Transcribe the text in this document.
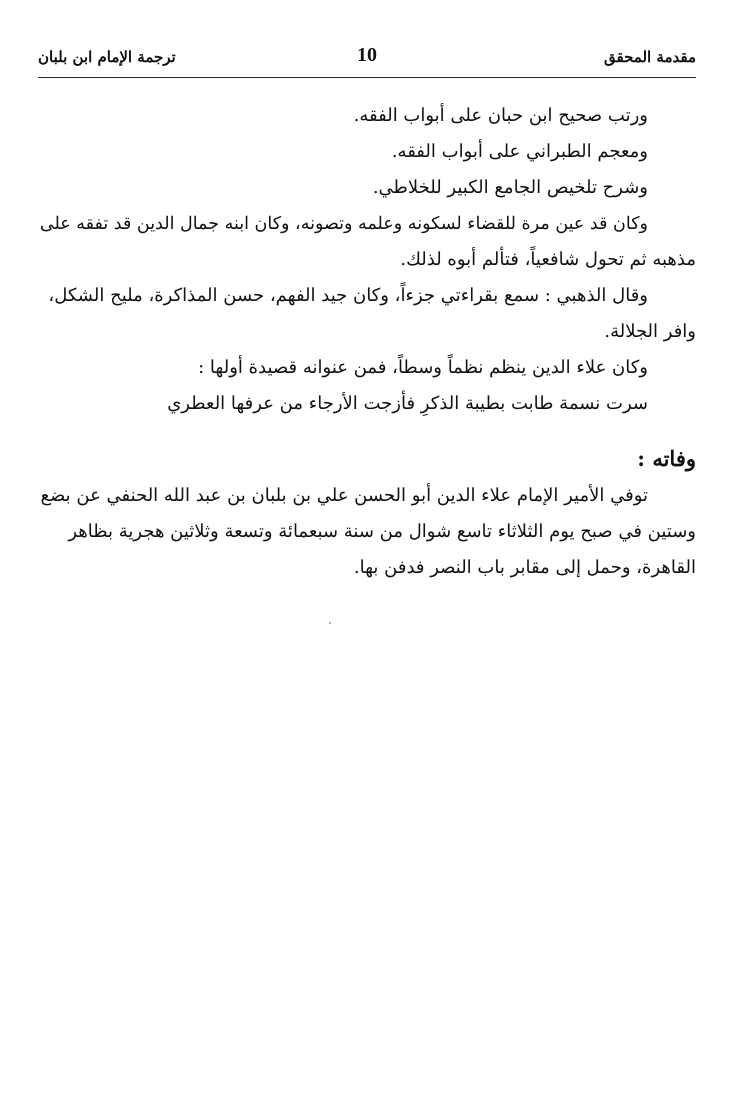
مقدمة المحقق
10
ترجمة الإمام ابن بلبان
ورتب صحيح ابن حبان على أبواب الفقه.
ومعجم الطبراني على أبواب الفقه.
وشرح تلخيص الجامع الكبير للخلاطي.
وكان قد عين مرة للقضاء لسكونه وعلمه وتصونه، وكان ابنه جمال الدين قد تفقه على
مذهبه ثم تحول شافعياً، فتألم أبوه لذلك.
وقال الذهبي : سمع بقراءتي جزءاً، وكان جيد الفهم، حسن المذاكرة، مليح الشكل،
وافر الجلالة.
وكان علاء الدين ينظم نظماً وسطاً، فمن عنوانه قصيدة أولها :
سرت نسمة طابت بطيبة الذكرِ فأزجت الأرجاء من عرفها العطري
وفاته :
توفي الأمير الإمام علاء الدين أبو الحسن علي بن بلبان بن عبد الله الحنفي عن بضع
وستين في صبح يوم الثلاثاء تاسع شوال من سنة سبعمائة وتسعة وثلاثين هجرية بظاهر
القاهرة، وحمل إلى مقابر باب النصر فدفن بها.
